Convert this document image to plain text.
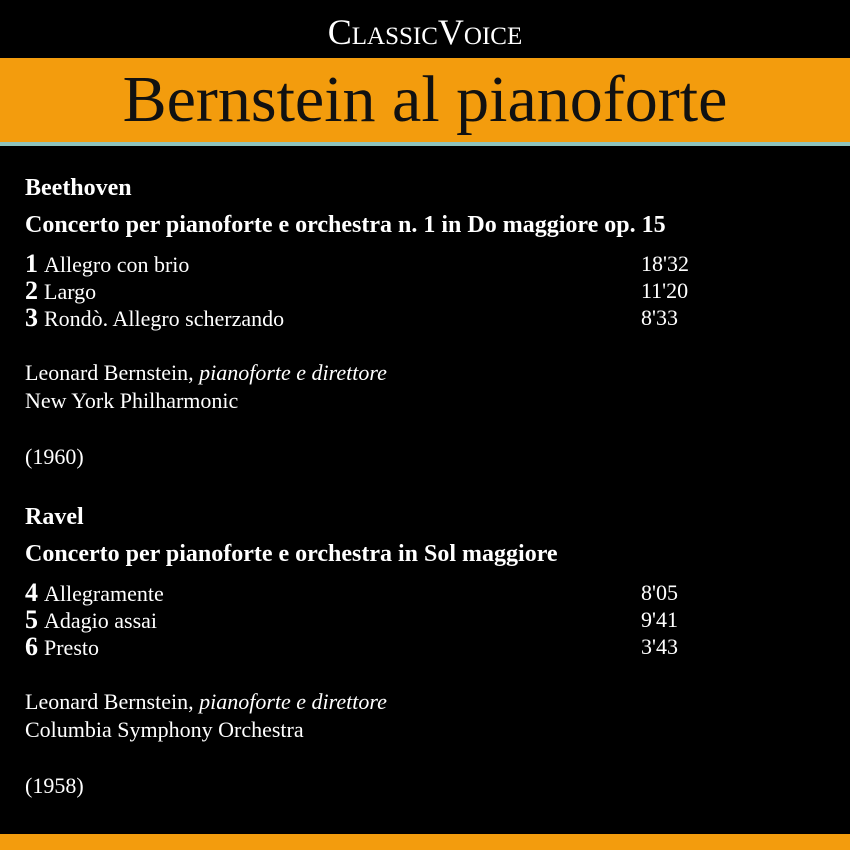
ClassicVoice
Bernstein al pianoforte
Beethoven
Concerto per pianoforte e orchestra n. 1 in Do maggiore op. 15
1 Allegro con brio	18'32
2 Largo	11'20
3 Rondò. Allegro scherzando	8'33
Leonard Bernstein, pianoforte e direttore
New York Philharmonic
(1960)
Ravel
Concerto per pianoforte e orchestra in Sol maggiore
4 Allegramente	8'05
5 Adagio assai	9'41
6 Presto	3'43
Leonard Bernstein, pianoforte e direttore
Columbia Symphony Orchestra
(1958)
